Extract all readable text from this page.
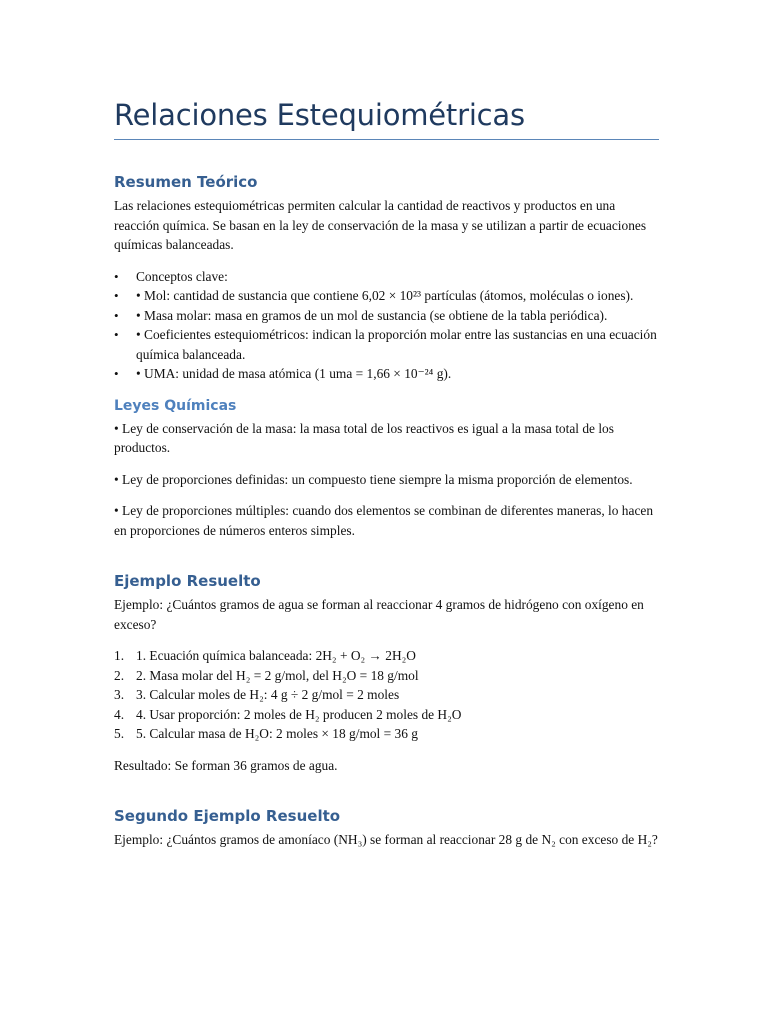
Relaciones Estequiométricas
Resumen Teórico

Las relaciones estequiométricas permiten calcular la cantidad de reactivos y productos en una reacción química. Se basan en la ley de conservación de la masa y se utilizan a partir de ecuaciones químicas balanceadas.

• Conceptos clave:
• • Mol: cantidad de sustancia que contiene 6,02 × 10²³ partículas (átomos, moléculas o iones).
• • Masa molar: masa en gramos de un mol de sustancia (se obtiene de la tabla periódica).
• • Coeficientes estequiométricos: indican la proporción molar entre las sustancias en una ecuación química balanceada.
• • UMA: unidad de masa atómica (1 uma = 1,66 × 10⁻²⁴ g).
Leyes Químicas

• Ley de conservación de la masa: la masa total de los reactivos es igual a la masa total de los productos.

• Ley de proporciones definidas: un compuesto tiene siempre la misma proporción de elementos.

• Ley de proporciones múltiples: cuando dos elementos se combinan de diferentes maneras, lo hacen en proporciones de números enteros simples.

Ejemplo Resuelto

Ejemplo: ¿Cuántos gramos de agua se forman al reaccionar 4 gramos de hidrógeno con oxígeno en exceso?

1. 1. Ecuación química balanceada: 2H₂ + O₂ → 2H₂O
2. 2. Masa molar del H₂ = 2 g/mol, del H₂O = 18 g/mol
3. 3. Calcular moles de H₂: 4 g ÷ 2 g/mol = 2 moles
4. 4. Usar proporción: 2 moles de H₂ producen 2 moles de H₂O
5. 5. Calcular masa de H₂O: 2 moles × 18 g/mol = 36 g

Resultado: Se forman 36 gramos de agua.

Segundo Ejemplo Resuelto

Ejemplo: ¿Cuántos gramos de amoníaco (NH₃) se forman al reaccionar 28 g de N₂ con exceso de H₂?
